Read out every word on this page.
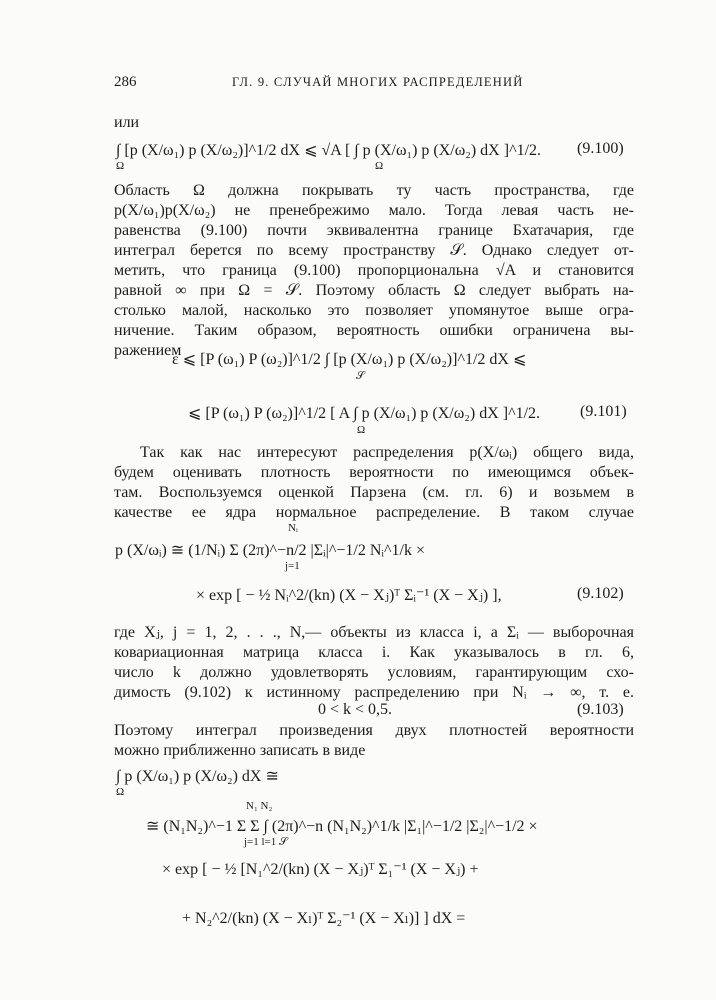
286	ГЛ. 9. СЛУЧАЙ МНОГИХ РАСПРЕДЕЛЕНИЙ
или
∫ [p (X/ω₁) p (X/ω₂)]^1/2 dX ⩽ √A [ ∫ p (X/ω₁) p (X/ω₂) dX ]^1/2.
Ω	Ω
(9.100)
Область Ω должна покрывать ту часть пространства, где
p(X/ω₁)p(X/ω₂) не пренебрежимо мало. Тогда левая часть не-
равенства (9.100) почти эквивалентна границе Бхатачария, где
интеграл берется по всему пространству 𝒮. Однако следует от-
метить, что граница (9.100) пропорциональна √A и становится
равной ∞ при Ω = 𝒮. Поэтому область Ω следует выбрать на-
столько малой, насколько это позволяет упомянутое выше огра-
ничение. Таким образом, вероятность ошибки ограничена вы-
ражением
ε ⩽ [P (ω₁) P (ω₂)]^1/2 ∫ [p (X/ω₁) p (X/ω₂)]^1/2 dX ⩽
𝒮
⩽ [P (ω₁) P (ω₂)]^1/2 [ A ∫ p (X/ω₁) p (X/ω₂) dX ]^1/2.
Ω
(9.101)
Так как нас интересуют распределения p(X/ωᵢ) общего вида,
будем оценивать плотность вероятности по имеющимся объек-
там. Воспользуемся оценкой Парзена (см. гл. 6) и возьмем в
качестве ее ядра нормальное распределение. В таком случае
Nᵢ
p (X/ωᵢ) ≅ (1/Nᵢ) Σ (2π)^−n/2 |Σᵢ|^−1/2 Nᵢ^1/k ×
j=1
× exp [ − ½ Nᵢ^2/(kn) (X − Xⱼ)ᵀ Σᵢ⁻¹ (X − Xⱼ) ],	(9.102)
где Xⱼ, j = 1, 2, . . ., N,— объекты из класса i, а Σᵢ — выборочная
ковариационная матрица класса i. Как указывалось в гл. 6,
число k должно удовлетворять условиям, гарантирующим схо-
димость (9.102) к истинному распределению при Nᵢ → ∞, т. е.
0 < k < 0,5.	(9.103)
Поэтому интеграл произведения двух плотностей вероятности
можно приближенно записать в виде
∫ p (X/ω₁) p (X/ω₂) dX ≅
Ω
N₁ N₂
≅ (N₁N₂)^−1 Σ Σ ∫ (2π)^−n (N₁N₂)^1/k |Σ₁|^−1/2 |Σ₂|^−1/2 ×
j=1 l=1 𝒮
× exp [ − ½ [N₁^2/(kn) (X − Xⱼ)ᵀ Σ₁⁻¹ (X − Xⱼ) +
+ N₂^2/(kn) (X − Xₗ)ᵀ Σ₂⁻¹ (X − Xₗ)] ] dX =
